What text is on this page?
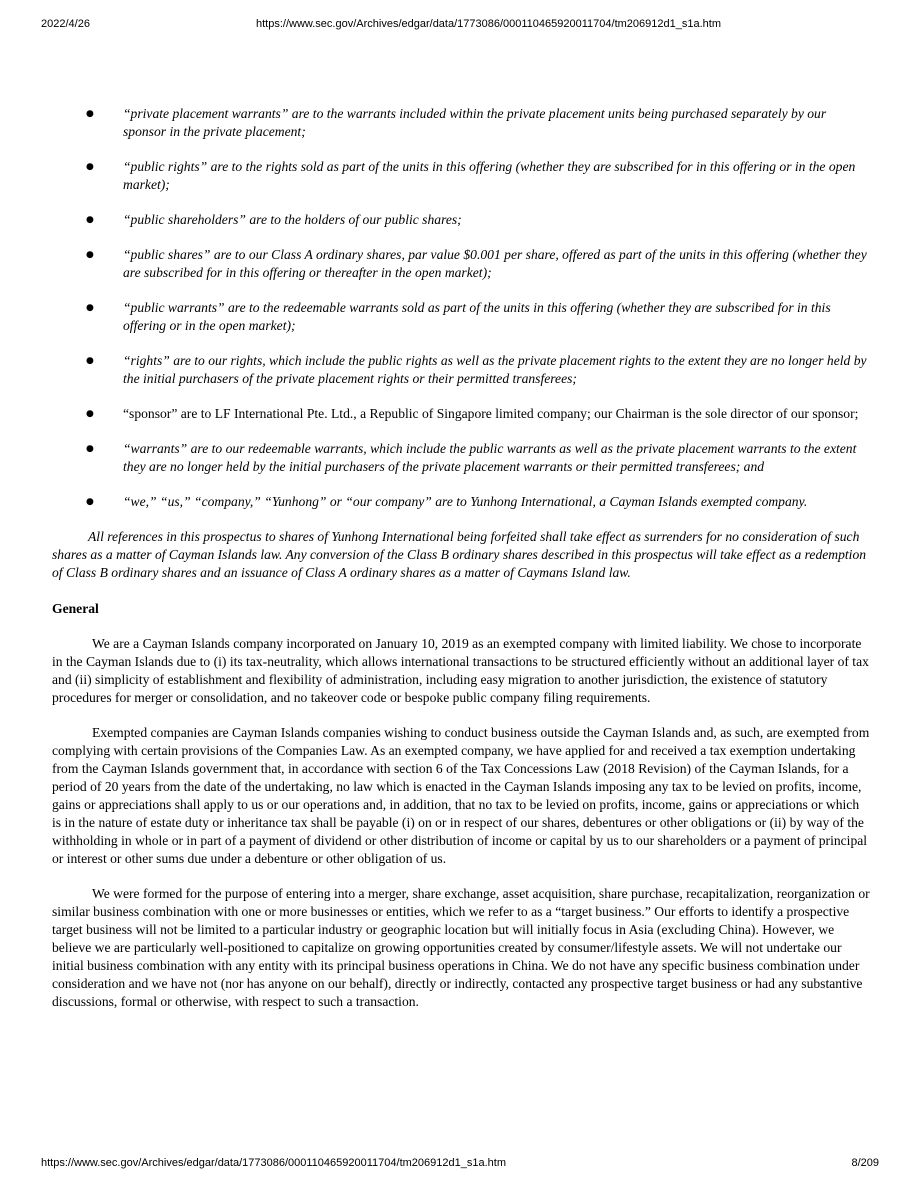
2022/4/26	https://www.sec.gov/Archives/edgar/data/1773086/000110465920011704/tm206912d1_s1a.htm
● “private placement warrants” are to the warrants included within the private placement units being purchased separately by our sponsor in the private placement;
● “public rights” are to the rights sold as part of the units in this offering (whether they are subscribed for in this offering or in the open market);
● “public shareholders” are to the holders of our public shares;
● “public shares” are to our Class A ordinary shares, par value $0.001 per share, offered as part of the units in this offering (whether they are subscribed for in this offering or thereafter in the open market);
● “public warrants” are to the redeemable warrants sold as part of the units in this offering (whether they are subscribed for in this offering or in the open market);
● “rights” are to our rights, which include the public rights as well as the private placement rights to the extent they are no longer held by the initial purchasers of the private placement rights or their permitted transferees;
● “sponsor” are to LF International Pte. Ltd., a Republic of Singapore limited company; our Chairman is the sole director of our sponsor;
● “warrants” are to our redeemable warrants, which include the public warrants as well as the private placement warrants to the extent they are no longer held by the initial purchasers of the private placement warrants or their permitted transferees; and
● “we,” “us,” “company,” “Yunhong” or “our company” are to Yunhong International, a Cayman Islands exempted company.

All references in this prospectus to shares of Yunhong International being forfeited shall take effect as surrenders for no consideration of such shares as a matter of Cayman Islands law. Any conversion of the Class B ordinary shares described in this prospectus will take effect as a redemption of Class B ordinary shares and an issuance of Class A ordinary shares as a matter of Caymans Island law.

General

We are a Cayman Islands company incorporated on January 10, 2019 as an exempted company with limited liability. We chose to incorporate in the Cayman Islands due to (i) its tax-neutrality, which allows international transactions to be structured efficiently without an additional layer of tax and (ii) simplicity of establishment and flexibility of administration, including easy migration to another jurisdiction, the existence of statutory procedures for merger or consolidation, and no takeover code or bespoke public company filing requirements.

Exempted companies are Cayman Islands companies wishing to conduct business outside the Cayman Islands and, as such, are exempted from complying with certain provisions of the Companies Law. As an exempted company, we have applied for and received a tax exemption undertaking from the Cayman Islands government that, in accordance with section 6 of the Tax Concessions Law (2018 Revision) of the Cayman Islands, for a period of 20 years from the date of the undertaking, no law which is enacted in the Cayman Islands imposing any tax to be levied on profits, income, gains or appreciations shall apply to us or our operations and, in addition, that no tax to be levied on profits, income, gains or appreciations or which is in the nature of estate duty or inheritance tax shall be payable (i) on or in respect of our shares, debentures or other obligations or (ii) by way of the withholding in whole or in part of a payment of dividend or other distribution of income or capital by us to our shareholders or a payment of principal or interest or other sums due under a debenture or other obligation of us.

We were formed for the purpose of entering into a merger, share exchange, asset acquisition, share purchase, recapitalization, reorganization or similar business combination with one or more businesses or entities, which we refer to as a “target business.” Our efforts to identify a prospective target business will not be limited to a particular industry or geographic location but will initially focus in Asia (excluding China). However, we believe we are particularly well-positioned to capitalize on growing opportunities created by consumer/lifestyle assets. We will not undertake our initial business combination with any entity with its principal business operations in China. We do not have any specific business combination under consideration and we have not (nor has anyone on our behalf), directly or indirectly, contacted any prospective target business or had any substantive discussions, formal or otherwise, with respect to such a transaction.

https://www.sec.gov/Archives/edgar/data/1773086/000110465920011704/tm206912d1_s1a.htm	8/209
